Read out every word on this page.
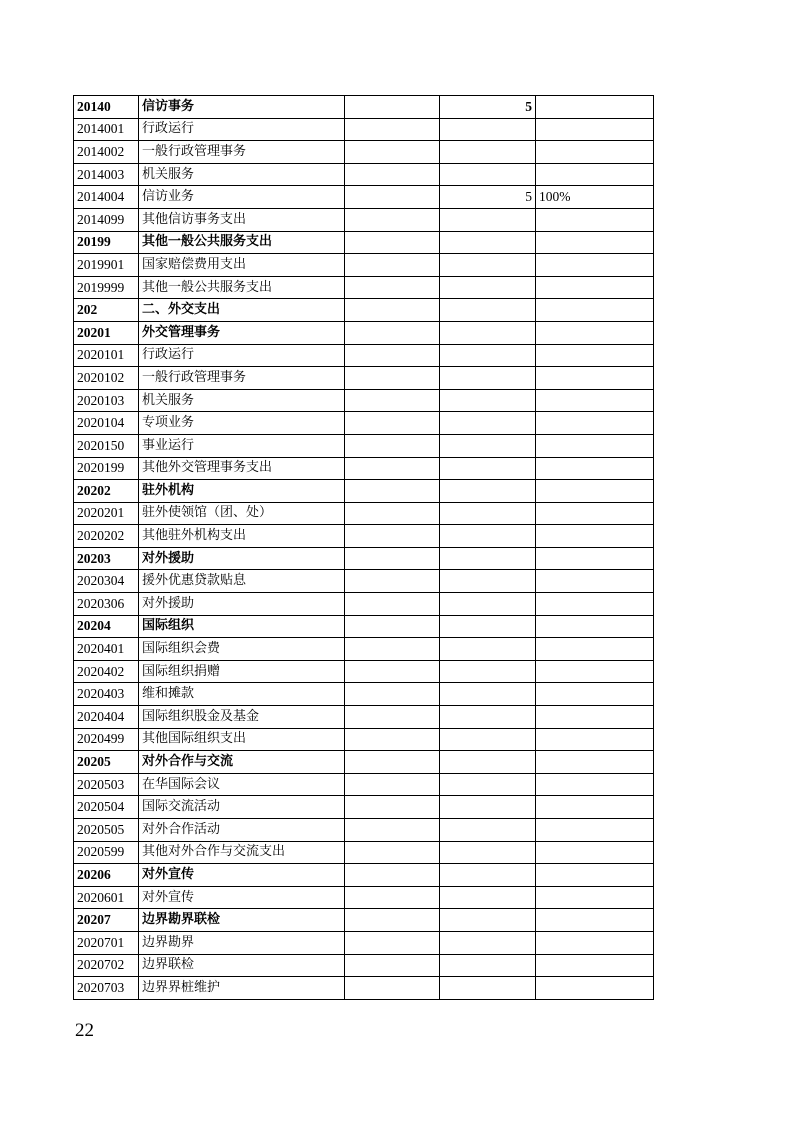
20140	信访事务		5	
2014001	行政运行			
2014002	一般行政管理事务			
2014003	机关服务			
2014004	信访业务		5	100%
2014099	其他信访事务支出			
20199	其他一般公共服务支出			
2019901	国家赔偿费用支出			
2019999	其他一般公共服务支出			
202	二、外交支出			
20201	外交管理事务			
2020101	行政运行			
2020102	一般行政管理事务			
2020103	机关服务			
2020104	专项业务			
2020150	事业运行			
2020199	其他外交管理事务支出			
20202	驻外机构			
2020201	驻外使领馆（团、处）			
2020202	其他驻外机构支出			
20203	对外援助			
2020304	援外优惠贷款贴息			
2020306	对外援助			
20204	国际组织			
2020401	国际组织会费			
2020402	国际组织捐赠			
2020403	维和摊款			
2020404	国际组织股金及基金			
2020499	其他国际组织支出			
20205	对外合作与交流			
2020503	在华国际会议			
2020504	国际交流活动			
2020505	对外合作活动			
2020599	其他对外合作与交流支出			
20206	对外宣传			
2020601	对外宣传			
20207	边界勘界联检			
2020701	边界勘界			
2020702	边界联检			
2020703	边界界桩维护			
22
